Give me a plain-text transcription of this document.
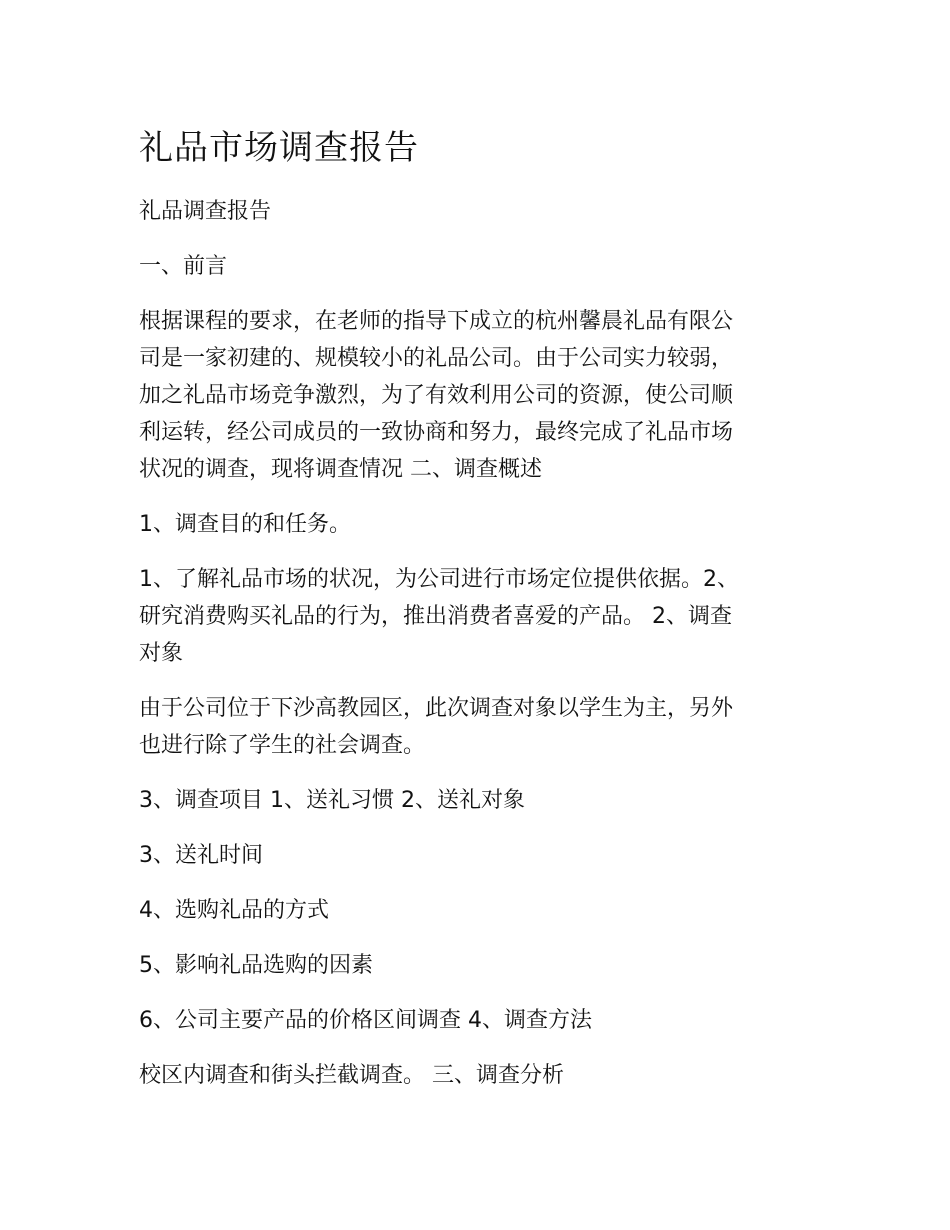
礼品市场调查报告

礼品调查报告

一、前言

根据课程的要求，在老师的指导下成立的杭州馨晨礼品有限公
司是一家初建的、规模较小的礼品公司。由于公司实力较弱，
加之礼品市场竞争激烈，为了有效利用公司的资源，使公司顺
利运转，经公司成员的一致协商和努力，最终完成了礼品市场
状况的调查，现将调查情况 二、调查概述

1、调查目的和任务。

1、了解礼品市场的状况，为公司进行市场定位提供依据。2、
研究消费购买礼品的行为，推出消费者喜爱的产品。 2、调查
对象

由于公司位于下沙高教园区，此次调查对象以学生为主，另外
也进行除了学生的社会调查。

3、调查项目 1、送礼习惯 2、送礼对象

3、送礼时间

4、选购礼品的方式

5、影响礼品选购的因素

6、公司主要产品的价格区间调查 4、调查方法

校区内调查和街头拦截调查。 三、调查分析
